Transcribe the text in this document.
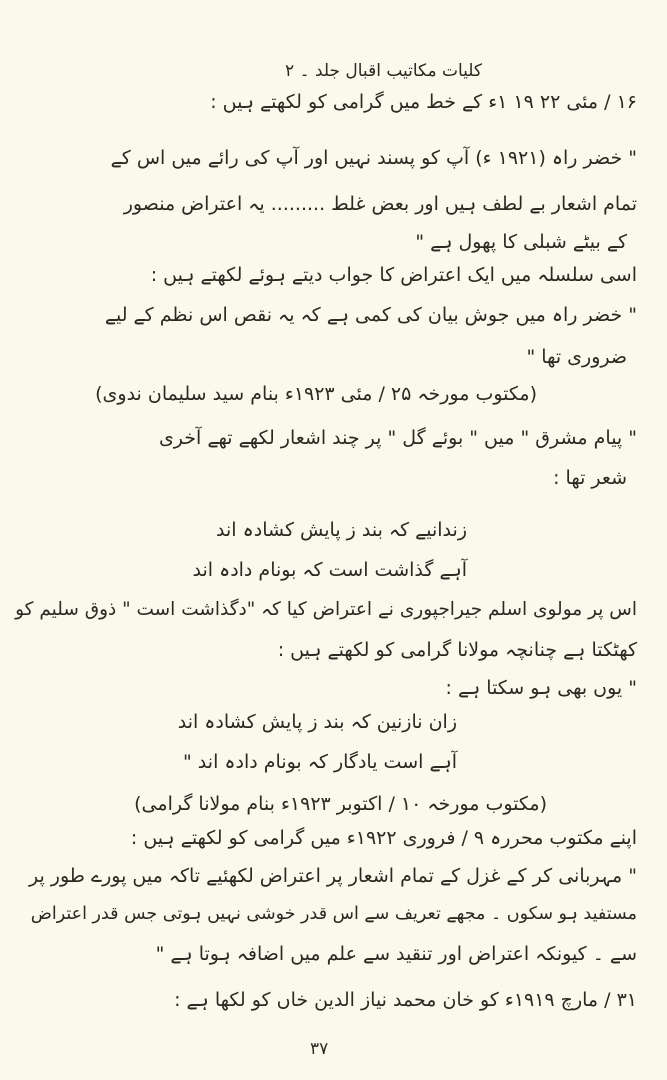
کلیات مکاتیب اقبال جلد ۔ ۲
۱۶ / مئی ۲۲ ۱۹ ۱ء کے خط میں گرامی کو لکھتے ہیں :
" خضر راہ (۱۹۲۱ ء) آپ کو پسند نہیں اور آپ کی رائے میں اس کے
تمام اشعار بے لطف ہیں اور بعض غلط ......... یہ اعتراض منصور
کے بیٹے شبلی کا پھول ہے "
اسی سلسلہ میں ایک اعتراض کا جواب دیتے ہوئے لکھتے ہیں :
" خضر راہ میں جوش بیان کی کمی ہے کہ یہ نقص اس نظم کے لیے
ضروری تھا "
(مکتوب مورخہ ۲۵ / مئی ۱۹۲۳ء بنام سید سلیمان ندوی)
" پیام مشرق " میں " بوئے گل " پر چند اشعار لکھے تھے آخری
شعر تھا :
زندانیے کہ بند ز پایش کشادہ اند
آہے گذاشت است کہ بونام دادہ اند
اس پر مولوی اسلم جیراجپوری نے اعتراض کیا کہ "دگذاشت است " ذوق سلیم کو
کھٹکتا ہے چنانچہ مولانا گرامی کو لکھتے ہیں :
" یوں بھی ہو سکتا ہے :
زان نازنین کہ بند ز پایش کشادہ اند
آہے است یادگار کہ بونام دادہ اند "
(مکتوب مورخہ ۱۰ / اکتوبر ۱۹۲۳ء بنام مولانا گرامی)
اپنے مکتوب محررہ ۹ / فروری ۱۹۲۲ء میں گرامی کو لکھتے ہیں :
" مہربانی کر کے غزل کے تمام اشعار پر اعتراض لکھئیے تاکہ میں پورے طور پر
مستفید ہو سکوں ۔ مجھے تعریف سے اس قدر خوشی نہیں ہوتی جس قدر اعتراض
سے ۔ کیونکہ اعتراض اور تنقید سے علم میں اضافہ ہوتا ہے "
۳۱ / مارچ ۱۹۱۹ء کو خان محمد نیاز الدین خاں کو لکھا ہے :
۳۷
